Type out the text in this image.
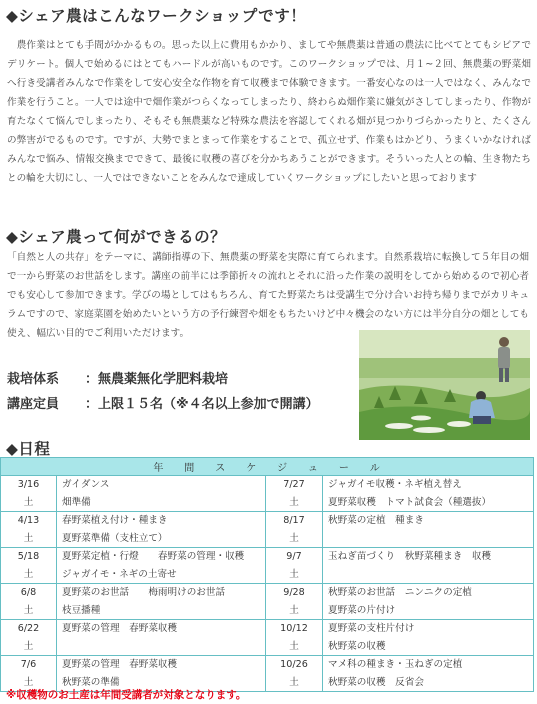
◆シェア農はこんなワークショップです！

　農作業はとても手間がかかるもの。思った以上に費用もかかり、ましてや無農薬は普通の農法に比べてとてもシビアでデリケート。個人で始めるにはとてもハードルが高いものです。このワークショップでは、月１~２回、無農薬の野菜畑へ行き受講者みんなで作業をして安心安全な作物を育て収穫まで体験できます。一番安心なのは一人ではなく、みんなで作業を行うこと。一人では途中で畑作業がつらくなってしまったり、終わらぬ畑作業に嫌気がさしてしまったり、作物が育たなくて悩んでしまったり、そもそも無農薬など特殊な農法を容認してくれる畑が見つかりづらかったりと、たくさんの弊害がでるものです。ですが、大勢でまとまって作業をすることで、孤立せず、作業もはかどり、うまくいかなければみんなで悩み、情報交換までできて、最後に収穫の喜びを分かちあうことができます。そういった人との輪、生き物たちとの輪を大切にし、一人ではできないことをみんなで達成していくワークショップにしたいと思っております

◆シェア農って何ができるの？

「自然と人の共存」をテーマに、講師指導の下、無農薬の野菜を実際に育てられます。自然系栽培に転換して５年目の畑で一から野菜のお世話をします。講座の前半には季節折々の流れとそれに沿った作業の説明をしてから始めるので初心者でも安心して参加できます。学びの場としてはもちろん、育てた野菜たちは受講生で分け合いお持ち帰りまでがカリキュラムですので、家庭菜園を始めたいという方の予行練習や畑をもちたいけど中々機会のない方には半分自分の畑としても使え、幅広い目的でご利用いただけます。

栽培体系 ：無農薬無化学肥料栽培
講座定員 ：上限１５名（※４名以上参加で開講）
◆日程
年間スケジュール			
3/16	ガイダンス	7/27	ジャガイモ収穫・ネギ植え替え
土	畑準備	土	夏野菜収穫　トマト試食会（種選抜）
4/13	春野菜植え付け・種まき	8/17	秋野菜の定植　種まき
土	夏野菜準備（支柱立て）	土	
5/18	夏野菜定植・行燈　　春野菜の管理・収穫	9/7	玉ねぎ苗づくり　秋野菜種まき　収穫
土	ジャガイモ・ネギの土寄せ	土	
6/8	夏野菜のお世話　　梅雨明けのお世話	9/28	秋野菜のお世話　ニンニクの定植
土	枝豆播種	土	夏野菜の片付け
6/22	夏野菜の管理　春野菜収穫	10/12	夏野菜の支柱片付け
土		土	秋野菜の収穫
7/6	夏野菜の管理　春野菜収穫	10/26	マメ科の種まき・玉ねぎの定植
土	秋野菜の準備	土	秋野菜の収穫　反省会
※収穫物のお土産は年間受講者が対象となります。
